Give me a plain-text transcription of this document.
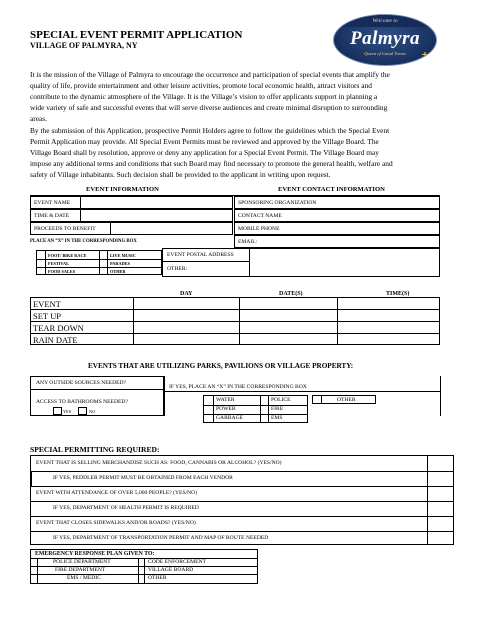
SPECIAL EVENT PERMIT APPLICATION
VILLAGE OF PALMYRA, NY
Welcome to
Palmyra
Queen of Canal Towns
It is the mission of the Village of Palmyra to encourage the occurrence and participation of special events that amplify the
quality of life, provide entertainment and other leisure activities, promote local economic health, attract visitors and
contribute to the dynamic atmosphere of the Village. It is the Village’s vision to offer applicants support in planning a
wide variety of safe and successful events that will serve diverse audiences and create minimal disruption to surrounding
areas.
By the submission of this Application, prospective Permit Holders agree to follow the guidelines which the Special Event
Permit Application may provide. All Special Event Permits must be reviewed and approved by the Village Board. The
Village Board shall by resolution, approve or deny any application for a Special Event Permit. The Village Board may
impose any additional terms and conditions that such Board may find necessary to promote the general health, welfare and
safety of Village inhabitants. Such decision shall be provided to the applicant in writing upon request.
EVENT INFORMATION	EVENT CONTACT INFORMATION
EVENT NAME
TIME & DATE
PROCEEDS TO BENEFIT
PLACE AN “X” IN THE CORRESPONDING BOX
FOOT/ BIKE RACE	LIVE MUSIC
FESTIVAL	PARADES
FOOD SALES	OTHER
SPONSORING ORGANIZATION
CONTACT NAME
MOBILE PHONE
EMAIL:
EVENT POSTAL ADDRESS
OTHER:
DAY	DATE(S)	TIME(S)
EVENT
SET UP
TEAR DOWN
RAIN DATE
EVENTS THAT ARE UTILIZING PARKS, PAVILIONS OR VILLAGE PROPERTY:
ANY OUTSIDE SOURCES NEEDED?
ACCESS TO BATHROOMS NEEDED?
YES	NO
IF YES, PLACE AN “X” IN THE CORRESPONDING BOX
WATER	POLICE
POWER	FIRE
GARBAGE	EMS
OTHER
SPECIAL PERMITTING REQUIRED:
EVENT THAT IS SELLING MERCHANDISE SUCH AS: FOOD, CANNABIS OR ALCOHOL? (YES/NO)
IF YES, PEDDLER PERMIT MUST BE OBTAINED FROM EACH VENDOR
EVENT WITH ATTENDANCE OF OVER 5,000 PEOPLE? (YES/NO)
IF YES, DEPARTMENT OF HEALTH PERMIT IS REQUIRED
EVENT THAT CLOSES SIDEWALKS AND/OR ROADS? (YES/NO)
IF YES, DEPARTMENT OF TRANSPORTATION PERMIT AND MAP OF ROUTE NEEDED
EMERGENCY RESPONSE PLAN GIVEN TO:
POLICE DEPARTMENT	CODE ENFORCEMENT
FIRE DEPARTMENT	VILLAGE BOARD
EMS / MEDIC	OTHER
